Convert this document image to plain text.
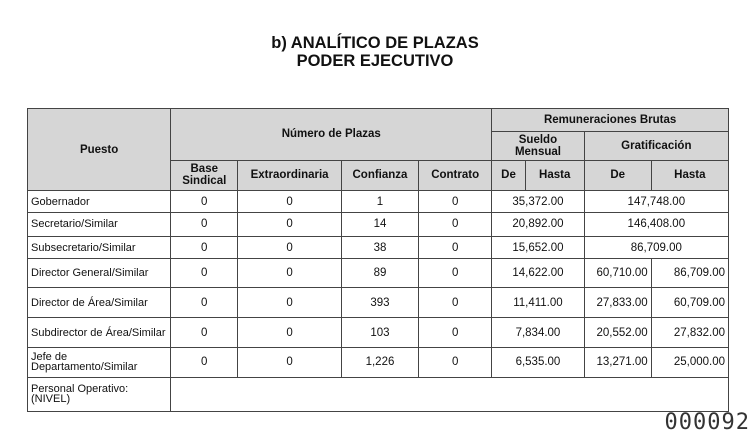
b) ANALÍTICO DE PLAZAS
PODER EJECUTIVO
Puesto	Número de Plazas				Remuneraciones Brutas			
					Sueldo Mensual		Gratificación	
	Base Sindical	Extraordinaria	Confianza	Contrato	De	Hasta	De	Hasta
Gobernador	0	0	1	0	35,372.00		147,748.00	
Secretario/Similar	0	0	14	0	20,892.00		146,408.00	
Subsecretario/Similar	0	0	38	0	15,652.00		86,709.00	
Director General/Similar	0	0	89	0	14,622.00		60,710.00	86,709.00
Director de Área/Similar	0	0	393	0	11,411.00		27,833.00	60,709.00
Subdirector de Área/Similar	0	0	103	0	7,834.00		20,552.00	27,832.00
Jefe de Departamento/Similar	0	0	1,226	0	6,535.00		13,271.00	25,000.00
Personal Operativo: (NIVEL)								
000092
